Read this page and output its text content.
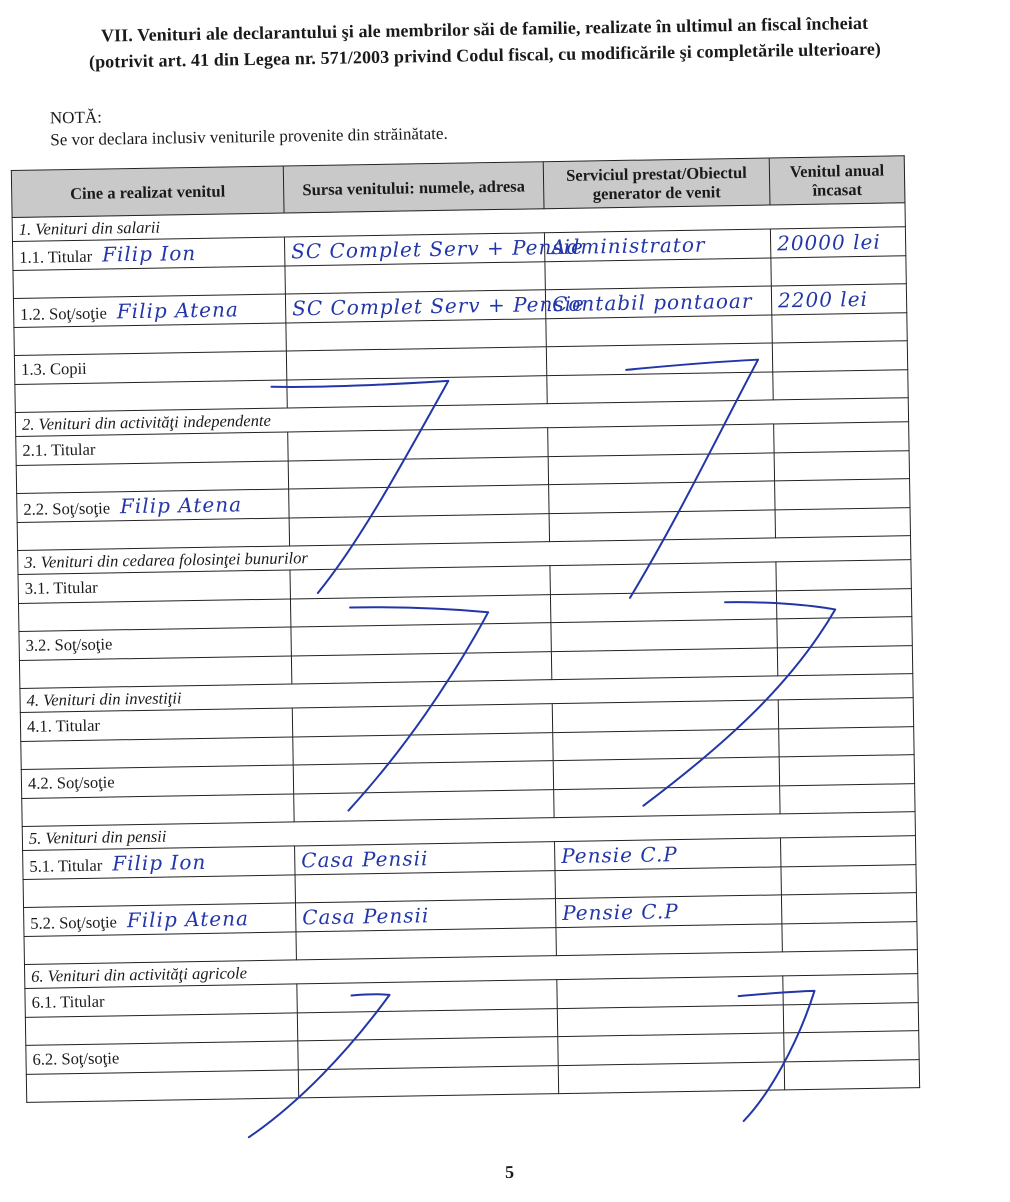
VII. Venituri ale declarantului şi ale membrilor săi de familie, realizate în ultimul an fiscal încheiat
(potrivit art. 41 din Legea nr. 571/2003 privind Codul fiscal, cu modificările şi completările ulterioare)
NOTĂ:
Se vor declara inclusiv veniturile provenite din străinătate.
Cine a realizat venitul	Sursa venitului: numele, adresa	Serviciul prestat/Obiectul generator de venit	Venitul anual încasat
1. Venituri din salarii			
1.1. Titular Filip Ion	SC Complet Serv + Pensie	Administrator	20000 lei

1.2. Soţ/soţie Filip Atena	SC Complet Serv + Pensie	Contabil pontaoar	2200 lei

1.3. Copii			

2. Venituri din activităţi independente			
2.1. Titular			

2.2. Soţ/soţie Filip Atena			

3. Venituri din cedarea folosinţei bunurilor			
3.1. Titular			

3.2. Soţ/soţie			

4. Venituri din investiţii			
4.1. Titular			

4.2. Soţ/soţie			

5. Venituri din pensii			
5.1. Titular Filip Ion	Casa Pensii	Pensie C.P	

5.2. Soţ/soţie Filip Atena	Casa Pensii	Pensie C.P	

6. Venituri din activităţi agricole			
6.1. Titular			

6.2. Soţ/soţie			

5
